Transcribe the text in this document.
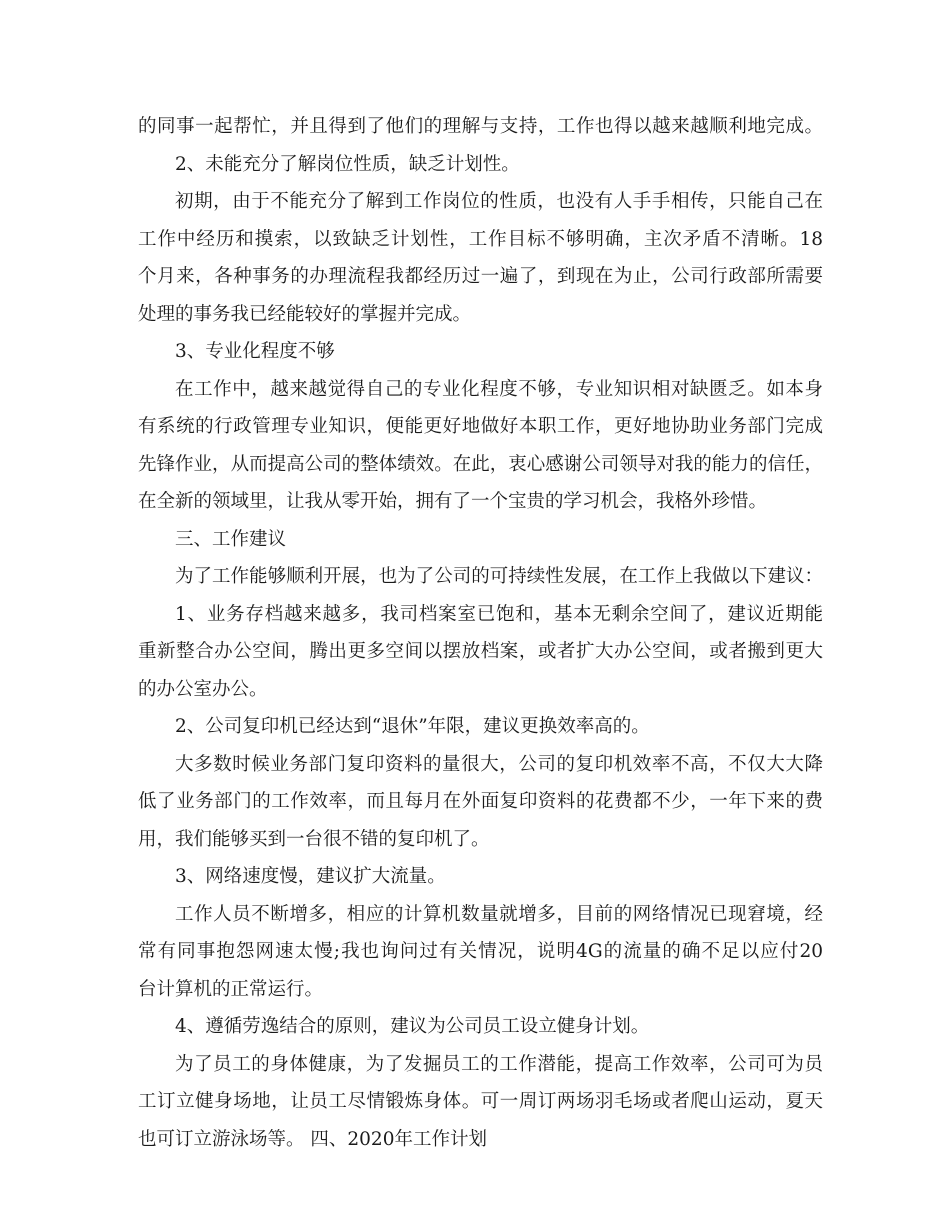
的同事一起帮忙，并且得到了他们的理解与支持，工作也得以越来越顺利地完成。
2、未能充分了解岗位性质，缺乏计划性。
初期，由于不能充分了解到工作岗位的性质，也没有人手手相传，只能自己在
工作中经历和摸索，以致缺乏计划性，工作目标不够明确，主次矛盾不清晰。18
个月来，各种事务的办理流程我都经历过一遍了，到现在为止，公司行政部所需要
处理的事务我已经能较好的掌握并完成。
3、专业化程度不够
在工作中，越来越觉得自己的专业化程度不够，专业知识相对缺匮乏。如本身
有系统的行政管理专业知识，便能更好地做好本职工作，更好地协助业务部门完成
先锋作业，从而提高公司的整体绩效。在此，衷心感谢公司领导对我的能力的信任，
在全新的领域里，让我从零开始，拥有了一个宝贵的学习机会，我格外珍惜。
三、工作建议
为了工作能够顺利开展，也为了公司的可持续性发展，在工作上我做以下建议：
1、业务存档越来越多，我司档案室已饱和，基本无剩余空间了，建议近期能
重新整合办公空间，腾出更多空间以摆放档案，或者扩大办公空间，或者搬到更大
的办公室办公。
2、公司复印机已经达到“退休”年限，建议更换效率高的。
大多数时候业务部门复印资料的量很大，公司的复印机效率不高，不仅大大降
低了业务部门的工作效率，而且每月在外面复印资料的花费都不少，一年下来的费
用，我们能够买到一台很不错的复印机了。
3、网络速度慢，建议扩大流量。
工作人员不断增多，相应的计算机数量就增多，目前的网络情况已现窘境，经
常有同事抱怨网速太慢;我也询问过有关情况，说明4G的流量的确不足以应付20
台计算机的正常运行。
4、遵循劳逸结合的原则，建议为公司员工设立健身计划。
为了员工的身体健康，为了发掘员工的工作潜能，提高工作效率，公司可为员
工订立健身场地，让员工尽情锻炼身体。可一周订两场羽毛场或者爬山运动，夏天
也可订立游泳场等。 四、2020年工作计划
